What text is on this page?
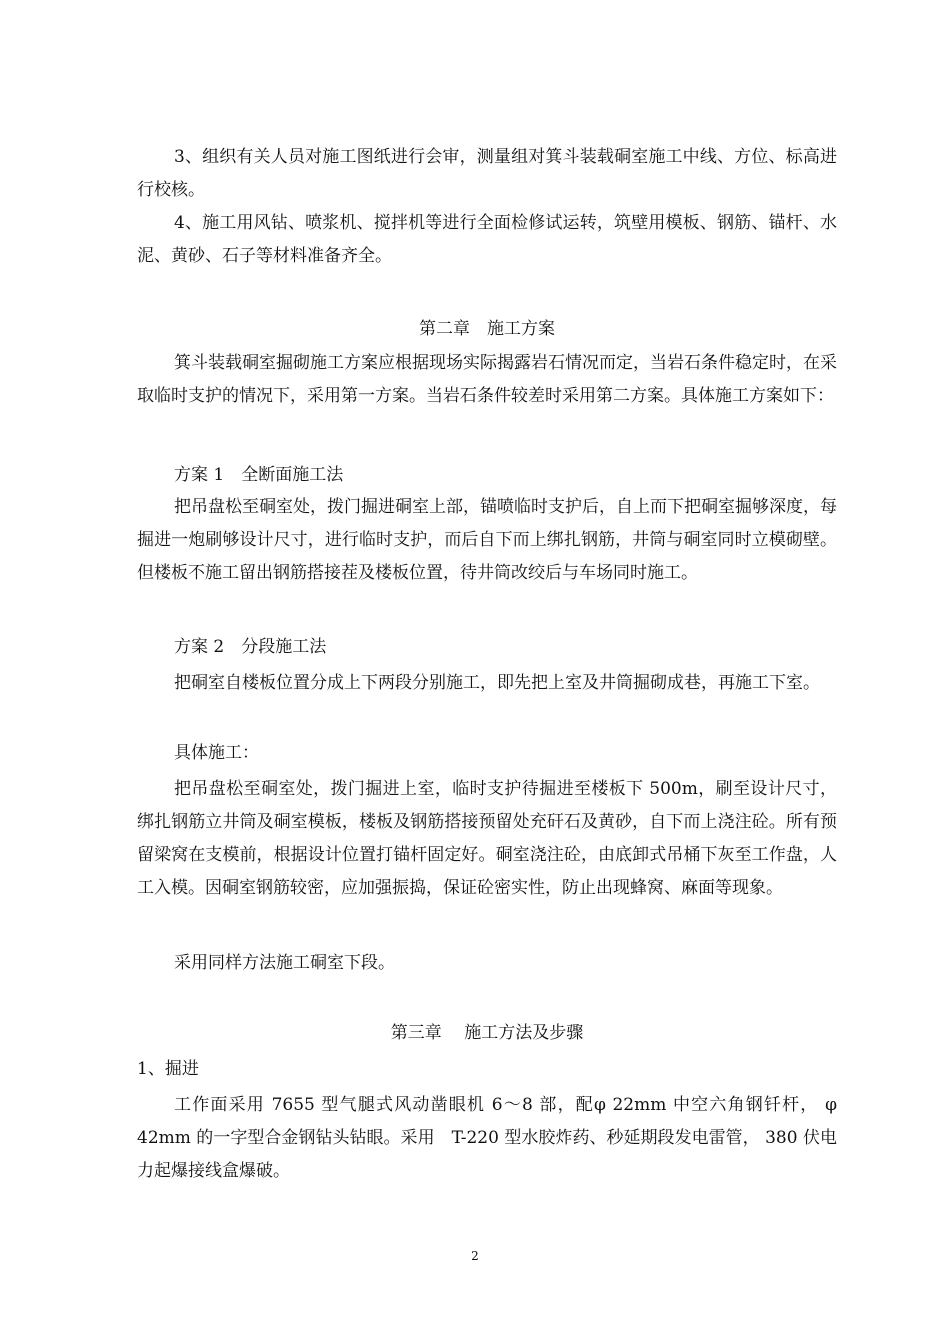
3、组织有关人员对施工图纸进行会审，测量组对箕斗装载硐室施工中线、方位、标高进行校核。

4、施工用风钻、喷浆机、搅拌机等进行全面检修试运转，筑壁用模板、钢筋、锚杆、水泥、黄砂、石子等材料准备齐全。

第二章　施工方案

箕斗装载硐室掘砌施工方案应根据现场实际揭露岩石情况而定，当岩石条件稳定时，在采取临时支护的情况下，采用第一方案。当岩石条件较差时采用第二方案。具体施工方案如下：

方案 1　全断面施工法

把吊盘松至硐室处，拨门掘进硐室上部，锚喷临时支护后，自上而下把硐室掘够深度，每掘进一炮刷够设计尺寸，进行临时支护，而后自下而上绑扎钢筋，井筒与硐室同时立模砌壁。但楼板不施工留出钢筋搭接茬及楼板位置，待井筒改绞后与车场同时施工。

方案 2　分段施工法

把硐室自楼板位置分成上下两段分别施工，即先把上室及井筒掘砌成巷，再施工下室。

具体施工：

把吊盘松至硐室处，拨门掘进上室，临时支护待掘进至楼板下 500m，刷至设计尺寸，绑扎钢筋立井筒及硐室模板，楼板及钢筋搭接预留处充矸石及黄砂，自下而上浇注砼。所有预留梁窝在支模前，根据设计位置打锚杆固定好。硐室浇注砼，由底卸式吊桶下灰至工作盘，人工入模。因硐室钢筋较密，应加强振捣，保证砼密实性，防止出现蜂窝、麻面等现象。

采用同样方法施工硐室下段。

第三章　 施工方法及步骤

1、掘进

工作面采用 7655 型气腿式风动凿眼机 6～8 部，配φ 22mm 中空六角钢钎杆， φ 42mm 的一字型合金钢钻头钻眼。采用　T-220 型水胶炸药、秒延期段发电雷管， 380 伏电力起爆接线盒爆破。

2
